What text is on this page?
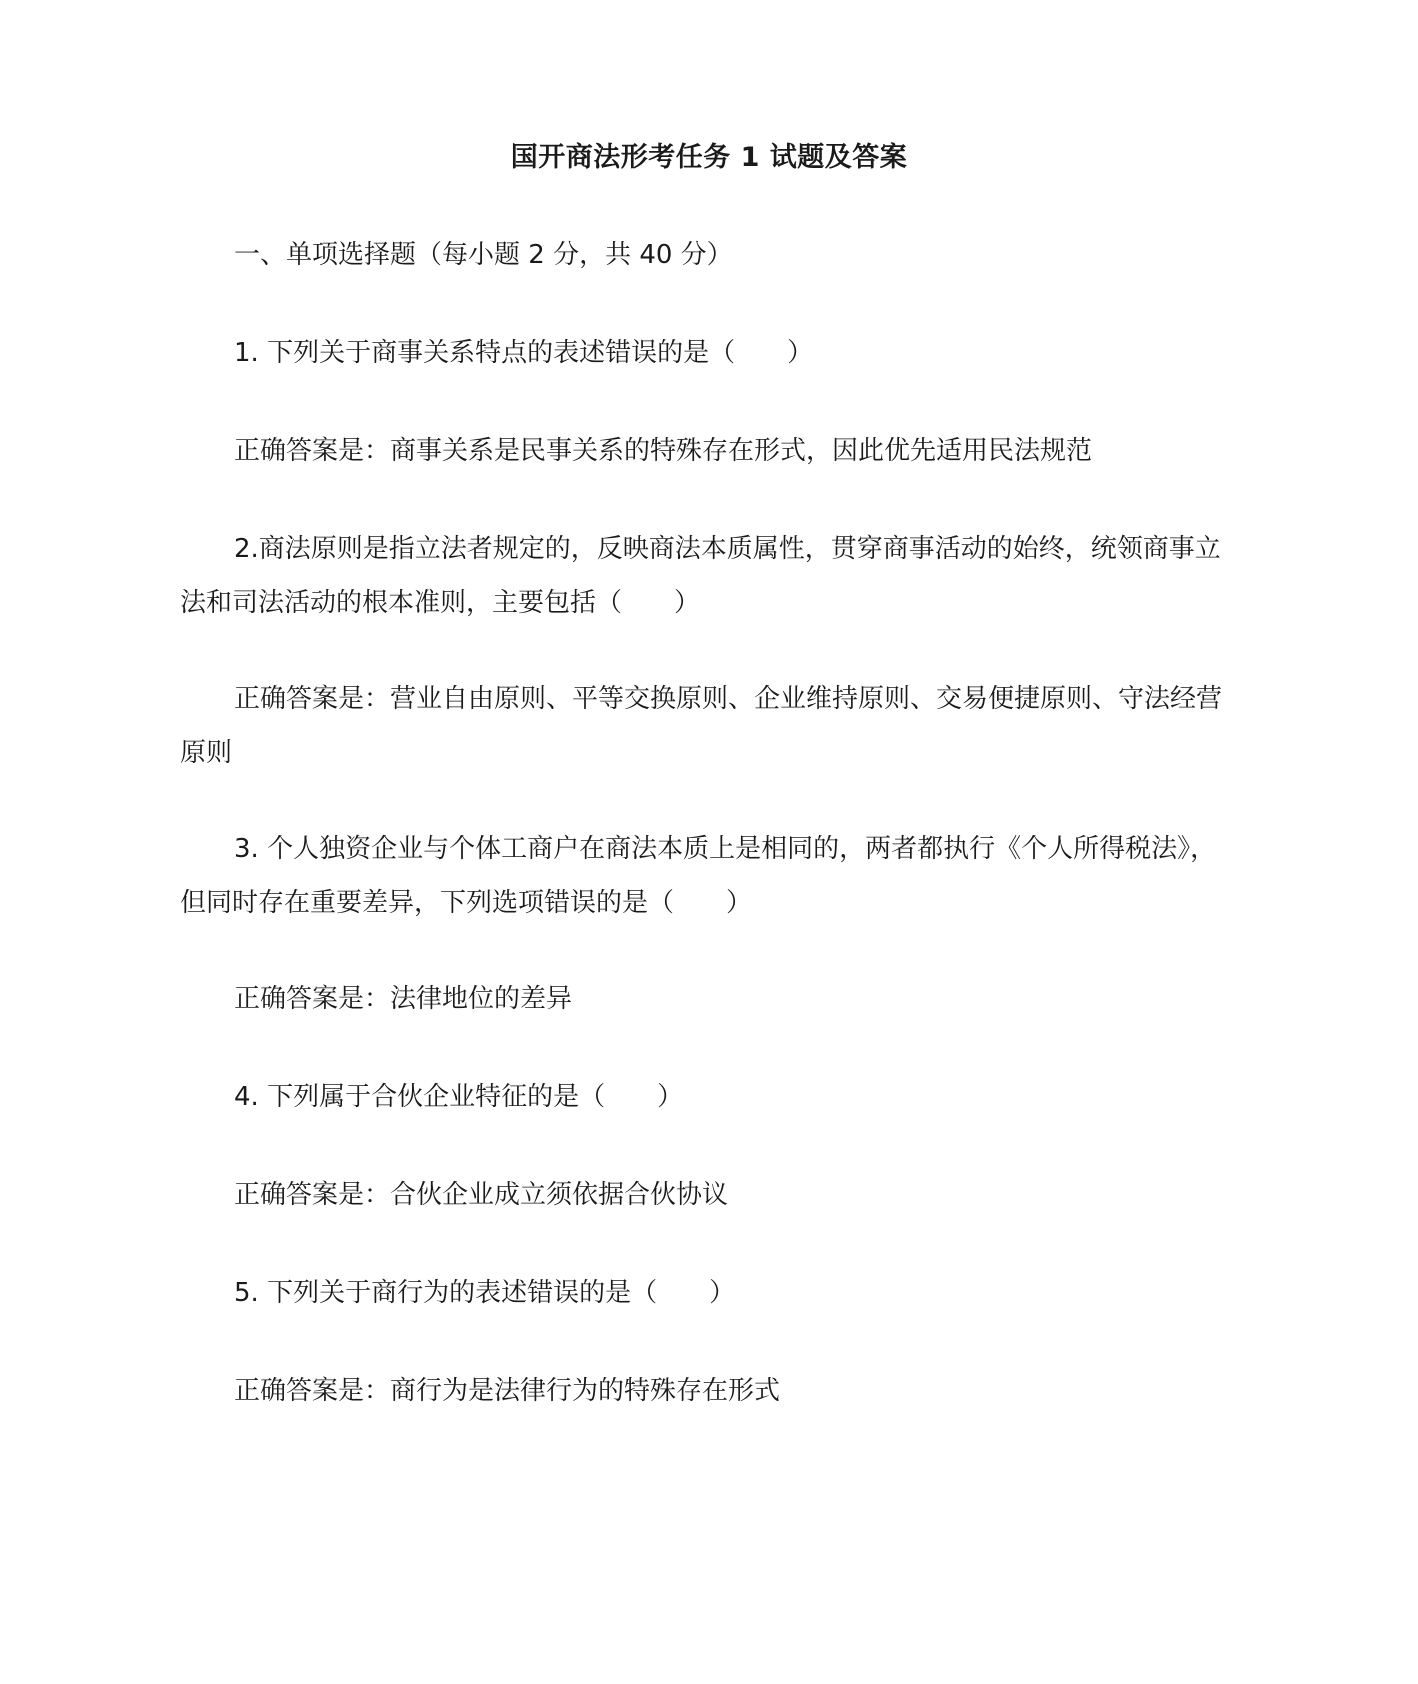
国开商法形考任务 1 试题及答案

一、单项选择题（每小题 2 分，共 40 分）

1. 下列关于商事关系特点的表述错误的是（　　）

正确答案是：商事关系是民事关系的特殊存在形式，因此优先适用民法规范

2.商法原则是指立法者规定的，反映商法本质属性，贯穿商事活动的始终，统领商事立法和司法活动的根本准则，主要包括（　　）

正确答案是：营业自由原则、平等交换原则、企业维持原则、交易便捷原则、守法经营原则

3. 个人独资企业与个体工商户在商法本质上是相同的，两者都执行《个人所得税法》，但同时存在重要差异，下列选项错误的是（　　）

正确答案是：法律地位的差异

4. 下列属于合伙企业特征的是（　　）

正确答案是：合伙企业成立须依据合伙协议

5. 下列关于商行为的表述错误的是（　　）

正确答案是：商行为是法律行为的特殊存在形式
